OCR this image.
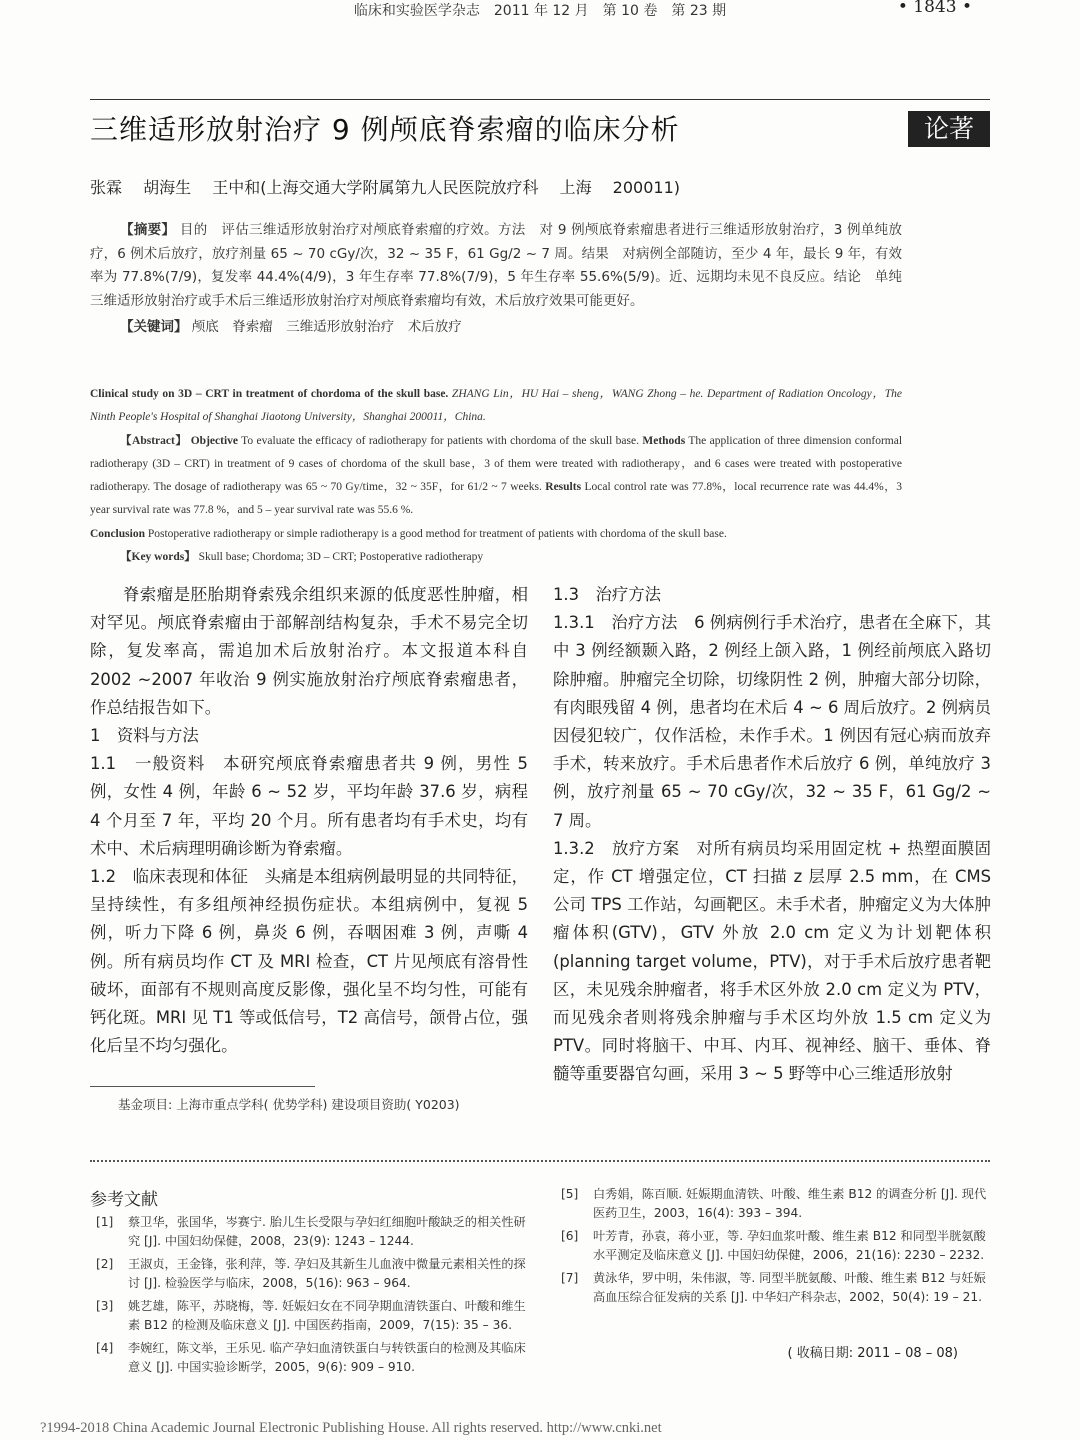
临床和实验医学杂志　2011 年 12 月　第 10 卷　第 23 期	• 1843 •
三维适形放射治疗 9 例颅底脊索瘤的临床分析	论著
张霖 胡海生 王中和(上海交通大学附属第九人民医院放疗科 上海 200011)

【摘要】 目的　评估三维适形放射治疗对颅底脊索瘤的疗效。方法　对 9 例颅底脊索瘤患者进行三维适形放射治疗，3 例单纯放疗，6 例术后放疗，放疗剂量 65 ~ 70 cGy/次，32 ~ 35 F，61 Gg/2 ~ 7 周。结果　对病例全部随访，至少 4 年，最长 9 年，有效率为 77.8%(7/9)，复发率 44.4%(4/9)，3 年生存率 77.8%(7/9)，5 年生存率 55.6%(5/9)。近、远期均未见不良反应。结论　单纯三维适形放射治疗或手术后三维适形放射治疗对颅底脊索瘤均有效，术后放疗效果可能更好。

【关键词】 颅底　脊索瘤　三维适形放射治疗　术后放疗

Clinical study on 3D – CRT in treatment of chordoma of the skull base. ZHANG Lin，HU Hai – sheng，WANG Zhong – he. Department of Radiation Oncology，The Ninth People's Hospital of Shanghai Jiaotong University，Shanghai 200011，China.

【Abstract】 Objective To evaluate the efficacy of radiotherapy for patients with chordoma of the skull base. Methods The application of three dimension conformal radiotherapy (3D – CRT) in treatment of 9 cases of chordoma of the skull base，3 of them were treated with radiotherapy，and 6 cases were treated with postoperative radiotherapy. The dosage of radiotherapy was 65 ~ 70 Gy/time，32 ~ 35F，for 61/2 ~ 7 weeks. Results Local control rate was 77.8%，local recurrence rate was 44.4%，3 year survival rate was 77.8 %，and 5 – year survival rate was 55.6 %.

Conclusion Postoperative radiotherapy or simple radiotherapy is a good method for treatment of patients with chordoma of the skull base.

【Key words】 Skull base; Chordoma; 3D – CRT; Postoperative radiotherapy

脊索瘤是胚胎期脊索残余组织来源的低度恶性肿瘤，相对罕见。颅底脊索瘤由于部解剖结构复杂，手术不易完全切除，复发率高，需追加术后放射治疗。本文报道本科自 2002 ~2007 年收治 9 例实施放射治疗颅底脊索瘤患者，作总结报告如下。

1　资料与方法

1.1　一般资料　本研究颅底脊索瘤患者共 9 例，男性 5 例，女性 4 例，年龄 6 ~ 52 岁，平均年龄 37.6 岁，病程 4 个月至 7 年，平均 20 个月。所有患者均有手术史，均有术中、术后病理明确诊断为脊索瘤。

1.2　临床表现和体征　头痛是本组病例最明显的共同特征，呈持续性，有多组颅神经损伤症状。本组病例中，复视 5 例，听力下降 6 例，鼻炎 6 例，吞咽困难 3 例，声嘶 4 例。所有病员均作 CT 及 MRI 检查，CT 片见颅底有溶骨性破坏，面部有不规则高度反影像，强化呈不均匀性，可能有钙化斑。MRI 见 T1 等或低信号，T2 高信号，颌骨占位，强化后呈不均匀强化。

1.3　治疗方法

1.3.1　治疗方法　6 例病例行手术治疗，患者在全麻下，其中 3 例经额颞入路，2 例经上颌入路，1 例经前颅底入路切除肿瘤。肿瘤完全切除，切缘阴性 2 例，肿瘤大部分切除，有肉眼残留 4 例，患者均在术后 4 ~ 6 周后放疗。2 例病员因侵犯较广，仅作活检，未作手术。1 例因有冠心病而放弃手术，转来放疗。手术后患者作术后放疗 6 例，单纯放疗 3 例，放疗剂量 65 ~ 70 cGy/次，32 ~ 35 F，61 Gg/2 ~ 7 周。

1.3.2　放疗方案　对所有病员均采用固定枕 + 热塑面膜固定，作 CT 增强定位，CT 扫描 z 层厚 2.5 mm，在 CMS 公司 TPS 工作站，勾画靶区。未手术者，肿瘤定义为大体肿瘤体积(GTV)，GTV 外放 2.0 cm 定义为计划靶体积(planning target volume，PTV)，对于手术后放疗患者靶区，未见残余肿瘤者，将手术区外放 2.0 cm 定义为 PTV，而见残余者则将残余肿瘤与手术区均外放 1.5 cm 定义为 PTV。同时将脑干、中耳、内耳、视神经、脑干、垂体、脊髓等重要器官勾画，采用 3 ~ 5 野等中心三维适形放射

基金项目: 上海市重点学科( 优势学科) 建设项目资助( Y0203)
参考文献
[1] 蔡卫华，张国华，岑赛宁. 胎儿生长受限与孕妇红细胞叶酸缺乏的相关性研究 [J]. 中国妇幼保健，2008，23(9): 1243 – 1244.
[2] 王淑贞，王金锋，张利萍，等. 孕妇及其新生儿血液中微量元素相关性的探讨 [J]. 检验医学与临床，2008，5(16): 963 – 964.
[3] 姚艺雄，陈平，苏晓梅，等. 妊娠妇女在不同孕期血清铁蛋白、叶酸和维生素 B12 的检测及临床意义 [J]. 中国医药指南，2009，7(15): 35 – 36.
[4] 李婉红，陈文举，王乐见. 临产孕妇血清铁蛋白与转铁蛋白的检测及其临床意义 [J]. 中国实验诊断学，2005，9(6): 909 – 910.
[5] 白秀娟，陈百顺. 妊娠期血清铁、叶酸、维生素 B12 的调查分析 [J]. 现代医药卫生，2003，16(4): 393 – 394.
[6] 叶芳青，孙袁，蒋小亚，等. 孕妇血浆叶酸、维生素 B12 和同型半胱氨酸水平测定及临床意义 [J]. 中国妇幼保健，2006，21(16): 2230 – 2232.
[7] 黄泳华，罗中明，朱伟淑，等. 同型半胱氨酸、叶酸、维生素 B12 与妊娠高血压综合征发病的关系 [J]. 中华妇产科杂志，2002，50(4): 19 – 21.
( 收稿日期: 2011 – 08 – 08)
?1994-2018 China Academic Journal Electronic Publishing House. All rights reserved. http://www.cnki.net
